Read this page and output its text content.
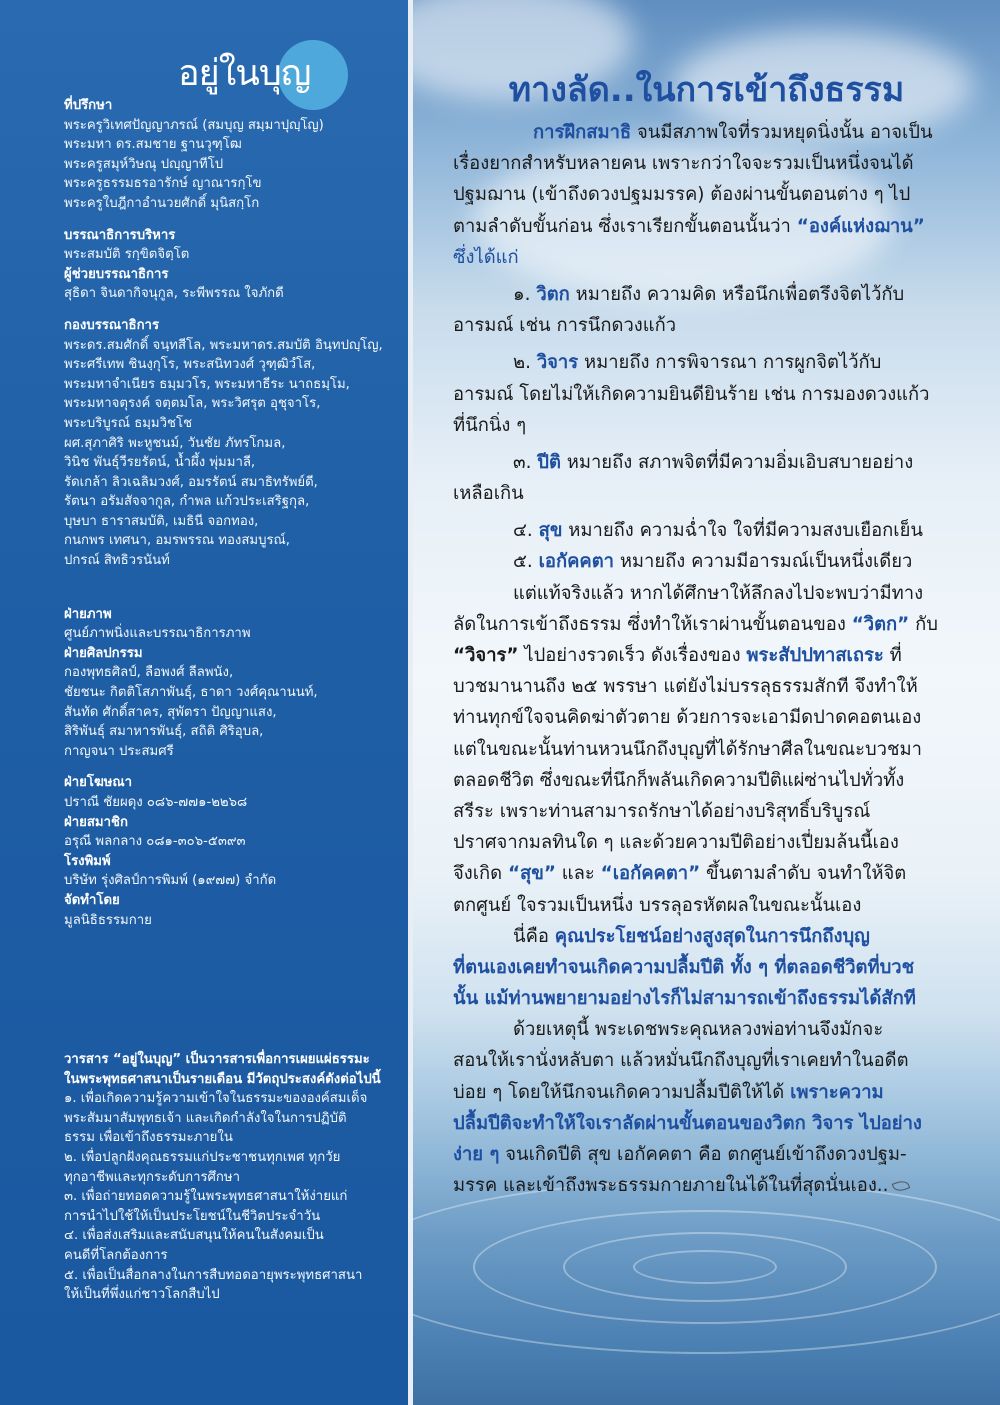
อยู่ในบุญ
ที่ปรึกษา
พระครูวิเทศปัญญาภรณ์ (สมบุญ สมฺมาปุญฺโญ)
พระมหา ดร.สมชาย ฐานวุฑฺโฒ
พระครูสมุห์วิษณุ ปญฺญาทีโป
พระครูธรรมธรอารักษ์ ญาณารกฺโข
พระครูใบฎีกาอำนวยศักดิ์ มุนิสกฺโก
บรรณาธิการบริหาร
พระสมบัติ รกฺขิตจิตฺโต
ผู้ช่วยบรรณาธิการ
สุธิดา จินดากิจนุกูล, ระพีพรรณ ใจภักดี
กองบรรณาธิการ
พระดร.สมศักดิ์ จนฺทสีโล, พระมหาดร.สมบัติ อินฺทปญฺโญ,
พระศรีเทพ ชินงฺกุโร, พระสนิทวงศ์ วุฑฺฒิวํโส,
พระมหาจำเนียร ธมฺมวโร, พระมหาธีระ นาถธมฺโม,
พระมหาจตุรงค์ จตฺตมโล, พระวิศรุต อุชุจาโร,
พระบริบูรณ์ ธมฺมวิชโช
ผศ.สุภาศิริ พะหูชนม์, วันชัย ภัทรโกมล,
วินิช พันธุ์วีรยรัตน์, น้ำผึ้ง พุ่มมาลี,
รัดเกล้า ลิวเฉลิมวงศ์, อมรรัตน์ สมาธิทรัพย์ดี,
รัตนา อรัมสัจจากูล, กำพล แก้วประเสริฐกุล,
บุษบา ธาราสมบัติ, เมธินี จอกทอง,
กนกพร เทศนา, อมรพรรณ ทองสมบูรณ์,
ปกรณ์ สิทธิวรนันท์
ฝ่ายภาพ
ศูนย์ภาพนิ่งและบรรณาธิการภาพ
ฝ่ายศิลปกรรม
กองพุทธศิลป์, ลือพงศ์ ลีลพนัง,
ชัยชนะ กิตติโสภาพันธุ์, ธาดา วงศ์คุณานนท์,
สันทัด ศักดิ์สาคร, สุพัตรา ปัญญาแสง,
สิริพันธุ์ สมาหารพันธุ์, สถิติ ศิริอุบล,
กาญจนา ประสมศรี
ฝ่ายโฆษณา
ปราณี ชัยผดุง ๐๘๖-๗๗๑-๒๒๖๘
ฝ่ายสมาชิก
อรุณี พลกลาง ๐๘๑-๓๐๖-๕๓๙๓
โรงพิมพ์
บริษัท รุ่งศิลป์การพิมพ์ (๑๙๗๗) จำกัด
จัดทำโดย
มูลนิธิธรรมกาย
วารสาร “อยู่ในบุญ” เป็นวารสารเพื่อการเผยแผ่ธรรมะ
ในพระพุทธศาสนาเป็นรายเดือน มีวัตถุประสงค์ดังต่อไปนี้
๑. เพื่อเกิดความรู้ความเข้าใจในธรรมะขององค์สมเด็จ
พระสัมมาสัมพุทธเจ้า และเกิดกำลังใจในการปฏิบัติ
ธรรม เพื่อเข้าถึงธรรมะภายใน
๒. เพื่อปลูกฝังคุณธรรมแก่ประชาชนทุกเพศ ทุกวัย
ทุกอาชีพและทุกระดับการศึกษา
๓. เพื่อถ่ายทอดความรู้ในพระพุทธศาสนาให้ง่ายแก่
การนำไปใช้ให้เป็นประโยชน์ในชีวิตประจำวัน
๔. เพื่อส่งเสริมและสนับสนุนให้คนในสังคมเป็น
คนดีที่โลกต้องการ
๕. เพื่อเป็นสื่อกลางในการสืบทอดอายุพระพุทธศาสนา
ให้เป็นที่พึ่งแก่ชาวโลกสืบไป
ทางลัด..ในการเข้าถึงธรรม
การฝึกสมาธิ จนมีสภาพใจที่รวมหยุดนิ่งนั้น อาจเป็น
เรื่องยากสำหรับหลายคน เพราะกว่าใจจะรวมเป็นหนึ่งจนได้
ปฐมฌาน (เข้าถึงดวงปฐมมรรค) ต้องผ่านขั้นตอนต่าง ๆ ไป
ตามลำดับขั้นก่อน ซึ่งเราเรียกขั้นตอนนั้นว่า “องค์แห่งฌาน”
ซึ่งได้แก่
๑. วิตก หมายถึง ความคิด หรือนึกเพื่อตรึงจิตไว้กับ
อารมณ์ เช่น การนึกดวงแก้ว
๒. วิจาร หมายถึง การพิจารณา การผูกจิตไว้กับ
อารมณ์ โดยไม่ให้เกิดความยินดียินร้าย เช่น การมองดวงแก้ว
ที่นึกนิ่ง ๆ
๓. ปีติ หมายถึง สภาพจิตที่มีความอิ่มเอิบสบายอย่าง
เหลือเกิน
๔. สุข หมายถึง ความฉ่ำใจ ใจที่มีความสงบเยือกเย็น
๕. เอกัคคตา หมายถึง ความมีอารมณ์เป็นหนึ่งเดียว
แต่แท้จริงแล้ว หากได้ศึกษาให้ลึกลงไปจะพบว่ามีทาง
ลัดในการเข้าถึงธรรม ซึ่งทำให้เราผ่านขั้นตอนของ “วิตก” กับ
“วิจาร” ไปอย่างรวดเร็ว ดังเรื่องของ พระสัปปทาสเถระ ที่
บวชมานานถึง ๒๕ พรรษา แต่ยังไม่บรรลุธรรมสักที จึงทำให้
ท่านทุกข์ใจจนคิดฆ่าตัวตาย ด้วยการจะเอามีดปาดคอตนเอง
แต่ในขณะนั้นท่านหวนนึกถึงบุญที่ได้รักษาศีลในขณะบวชมา
ตลอดชีวิต ซึ่งขณะที่นึกก็พลันเกิดความปีติแผ่ซ่านไปทั่วทั้ง
สรีระ เพราะท่านสามารถรักษาได้อย่างบริสุทธิ์บริบูรณ์
ปราศจากมลทินใด ๆ และด้วยความปีติอย่างเปี่ยมล้นนี้เอง
จึงเกิด “สุข” และ “เอกัคคตา” ขึ้นตามลำดับ จนทำให้จิต
ตกศูนย์ ใจรวมเป็นหนึ่ง บรรลุอรหัตผลในขณะนั้นเอง
นี่คือ คุณประโยชน์อย่างสูงสุดในการนึกถึงบุญ
ที่ตนเองเคยทำจนเกิดความปลื้มปีติ ทั้ง ๆ ที่ตลอดชีวิตที่บวช
นั้น แม้ท่านพยายามอย่างไรก็ไม่สามารถเข้าถึงธรรมได้สักที
ด้วยเหตุนี้ พระเดชพระคุณหลวงพ่อท่านจึงมักจะ
สอนให้เรานั่งหลับตา แล้วหมั่นนึกถึงบุญที่เราเคยทำในอดีต
บ่อย ๆ โดยให้นึกจนเกิดความปลื้มปีติให้ได้ เพราะความ
ปลื้มปีติจะทำให้ใจเราลัดผ่านขั้นตอนของวิตก วิจาร ไปอย่าง
ง่าย ๆ จนเกิดปีติ สุข เอกัคคตา คือ ตกศูนย์เข้าถึงดวงปฐม-
มรรค และเข้าถึงพระธรรมกายภายในได้ในที่สุดนั่นเอง..
